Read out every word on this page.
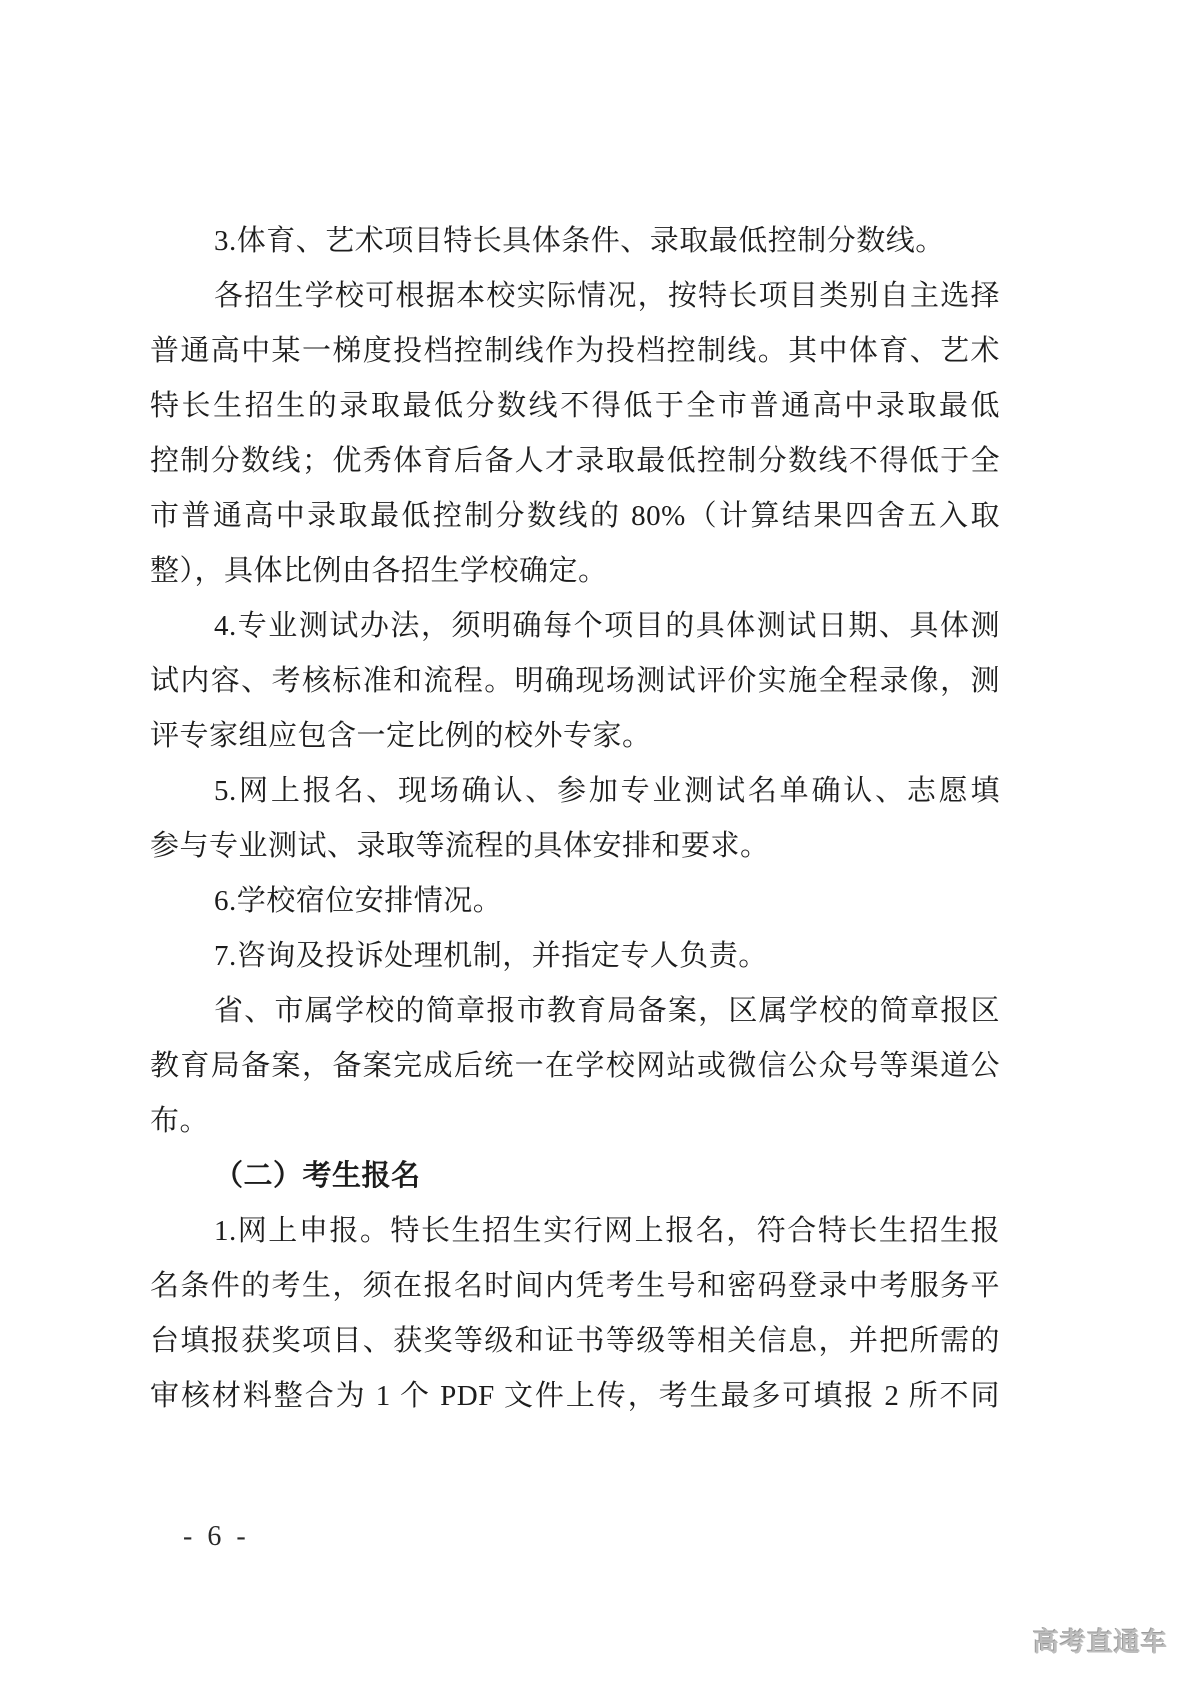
3.体育、艺术项目特长具体条件、录取最低控制分数线。
各招生学校可根据本校实际情况，按特长项目类别自主选择
普通高中某一梯度投档控制线作为投档控制线。其中体育、艺术
特长生招生的录取最低分数线不得低于全市普通高中录取最低
控制分数线；优秀体育后备人才录取最低控制分数线不得低于全
市普通高中录取最低控制分数线的 80%（计算结果四舍五入取
整），具体比例由各招生学校确定。
4.专业测试办法，须明确每个项目的具体测试日期、具体测
试内容、考核标准和流程。明确现场测试评价实施全程录像，测
评专家组应包含一定比例的校外专家。
5.网上报名、现场确认、参加专业测试名单确认、志愿填
参与专业测试、录取等流程的具体安排和要求。
6.学校宿位安排情况。
7.咨询及投诉处理机制，并指定专人负责。
省、市属学校的简章报市教育局备案，区属学校的简章报区
教育局备案，备案完成后统一在学校网站或微信公众号等渠道公
布。
（二）考生报名
1.网上申报。特长生招生实行网上报名，符合特长生招生报
名条件的考生，须在报名时间内凭考生号和密码登录中考服务平
台填报获奖项目、获奖等级和证书等级等相关信息，并把所需的
审核材料整合为 1 个 PDF 文件上传，考生最多可填报 2 所不同
- 6 -
高考直通车
